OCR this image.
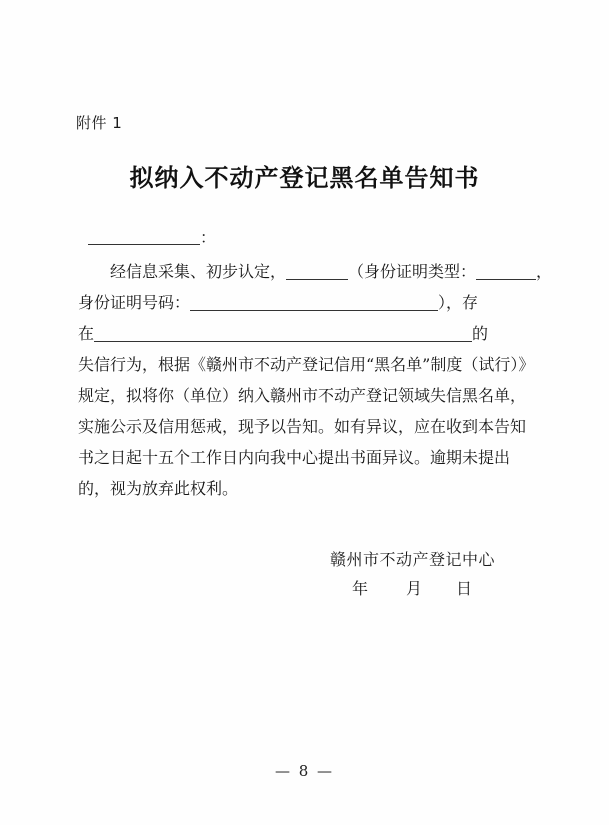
附件 1
拟纳入不动产登记黑名单告知书
：

经信息采集、初步认定，	（身份证明类型：	，

身份证明号码：	），存

在	的

失信行为，根据《赣州市不动产登记信用“黑名单”制度（试行）》

规定，拟将你（单位）纳入赣州市不动产登记领域失信黑名单，

实施公示及信用惩戒，现予以告知。如有异议，应在收到本告知

书之日起十五个工作日内向我中心提出书面异议。逾期未提出

的，视为放弃此权利。

赣州市不动产登记中心
年 月 日
— 8 —
